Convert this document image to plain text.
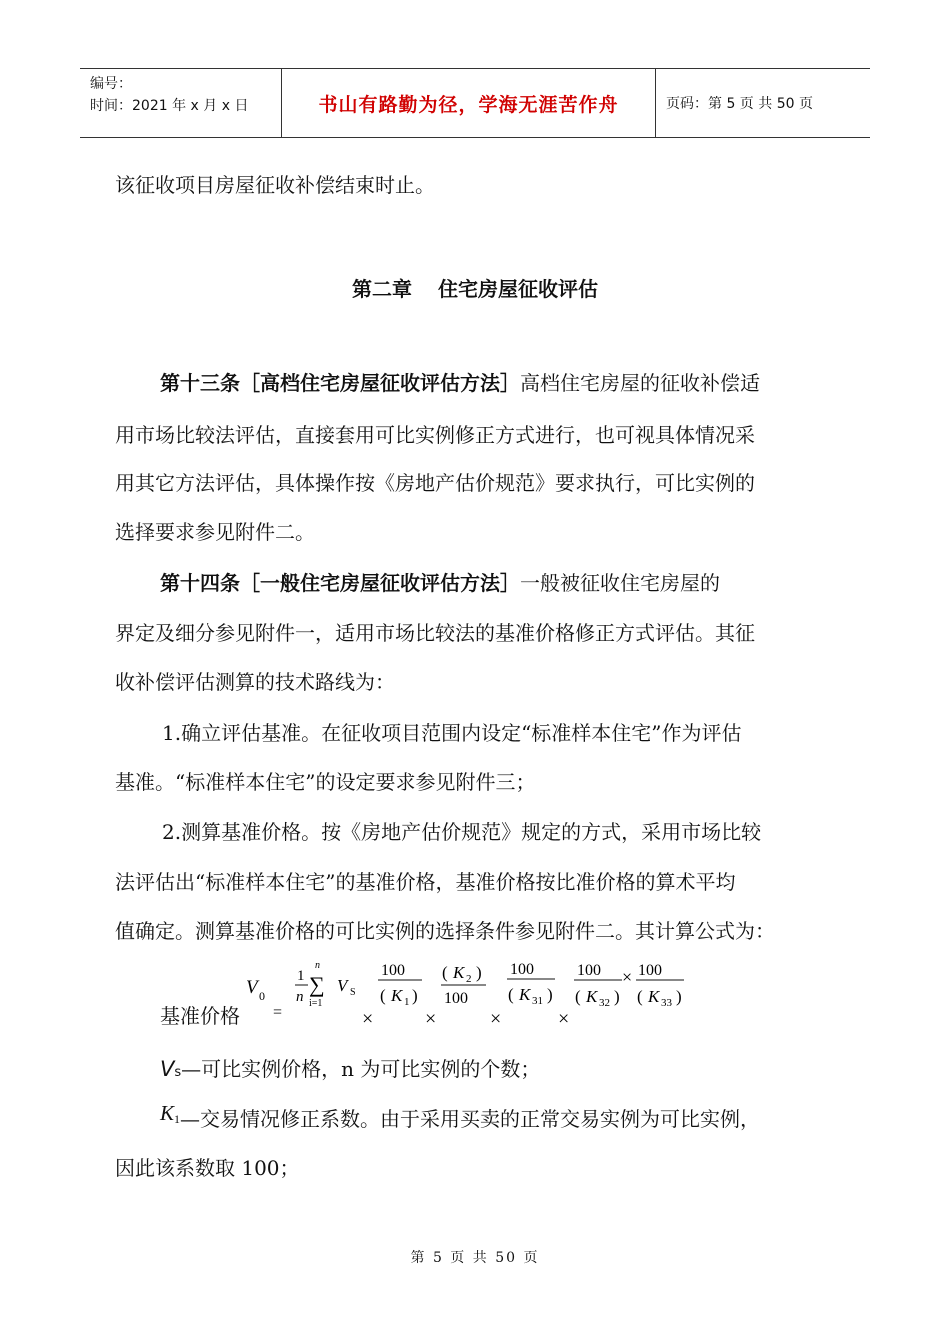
编号：
时间：2021 年 x 月 x 日	书山有路勤为径，学海无涯苦作舟	页码：第 5 页 共 50 页
该征收项目房屋征收补偿结束时止。
第二章 住宅房屋征收评估
第十三条［高档住宅房屋征收评估方法］高档住宅房屋的征收补偿适
用市场比较法评估，直接套用可比实例修正方式进行，也可视具体情况采
用其它方法评估，具体操作按《房地产估价规范》要求执行，可比实例的
选择要求参见附件二。
第十四条［一般住宅房屋征收评估方法］一般被征收住宅房屋的
界定及细分参见附件一，适用市场比较法的基准价格修正方式评估。其征
收补偿评估测算的技术路线为：
1.确立评估基准。在征收项目范围内设定“标准样本住宅”作为评估
基准。“标准样本住宅”的设定要求参见附件三；
2.测算基准价格。按《房地产估价规范》规定的方式，采用市场比较
法评估出“标准样本住宅”的基准价格，基准价格按比准价格的算术平均
值确定。测算基准价格的可比实例的选择条件参见附件二。其计算公式为：
基准价格
V 0
=
1
n
n
∑
i=1
V S
×
100
( K 1 )
×
( K 2 )
100
×
100
( K 31 )
×
100
( K 32 )
× 100
( K 33 )
Vs—可比实例价格，n 为可比实例的个数；
K1—交易情况修正系数。由于采用买卖的正常交易实例为可比实例，
因此该系数取 100；
第 5 页 共 50 页
